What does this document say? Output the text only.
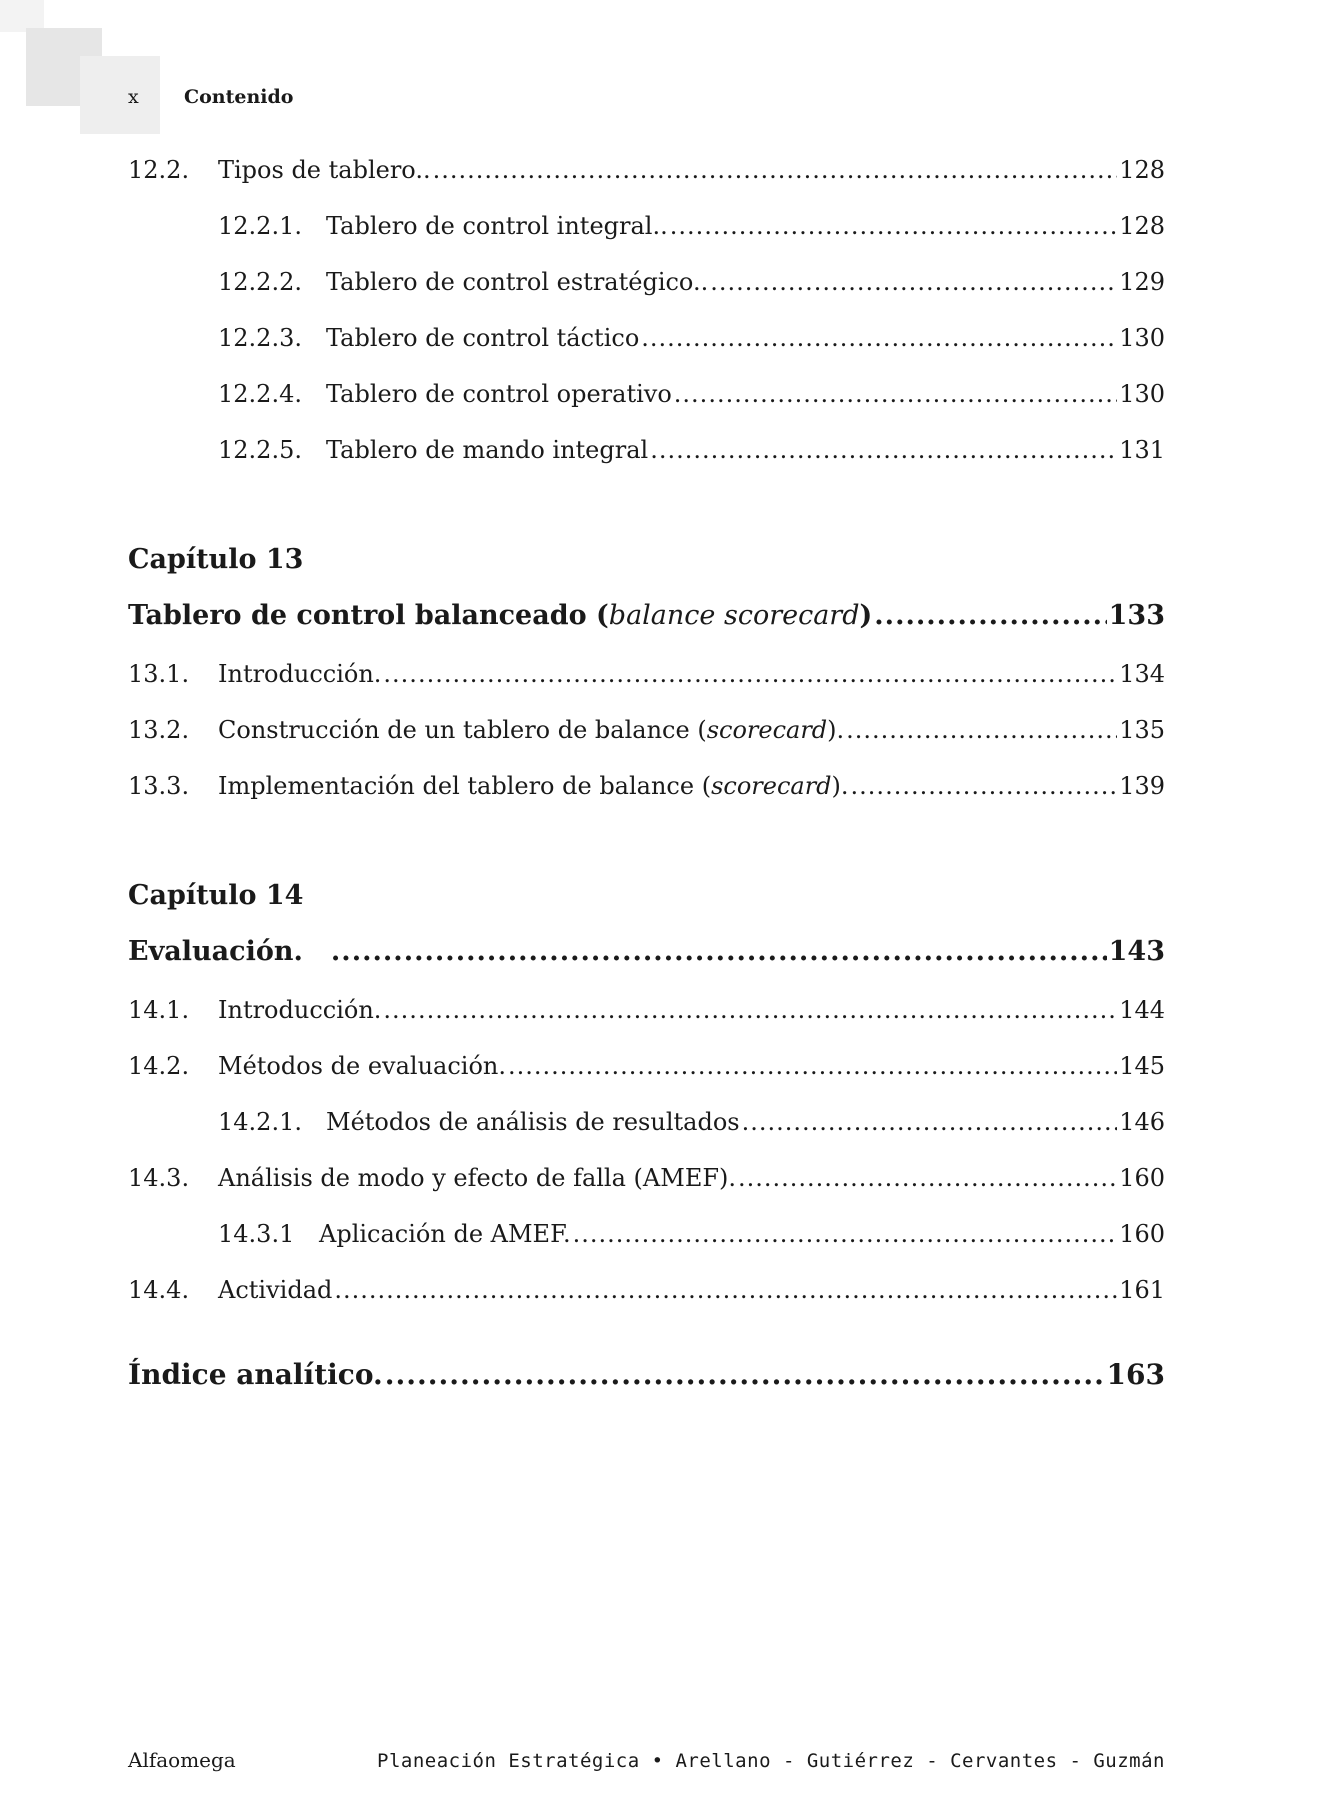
x	Contenido
12.2.	Tipos de tablero.. .....	128
12.2.1.	Tablero de control integral.. .....	128
12.2.2.	Tablero de control estratégico.. .....	129
12.2.3.	Tablero de control táctico .....	130
12.2.4.	Tablero de control operativo .....	130
12.2.5.	Tablero de mando integral .....	131
Capítulo 13
Tablero de control balanceado (balance scorecard) .....	133
13.1.	Introducción. .....	134
13.2.	Construcción de un tablero de balance (scorecard). .....	135
13.3.	Implementación del tablero de balance (scorecard). .....	139
Capítulo 14
Evaluación. .....	143
14.1.	Introducción. .....	144
14.2.	Métodos de evaluación. .....	145
14.2.1.	Métodos de análisis de resultados .....	146
14.3.	Análisis de modo y efecto de falla (AMEF). .....	160
14.3.1	Aplicación de AMEF. .....	160
14.4.	Actividad .....	161
Índice analítico. .....	163
Alfaomega	Planeación Estratégica • Arellano - Gutiérrez - Cervantes - Guzmán
